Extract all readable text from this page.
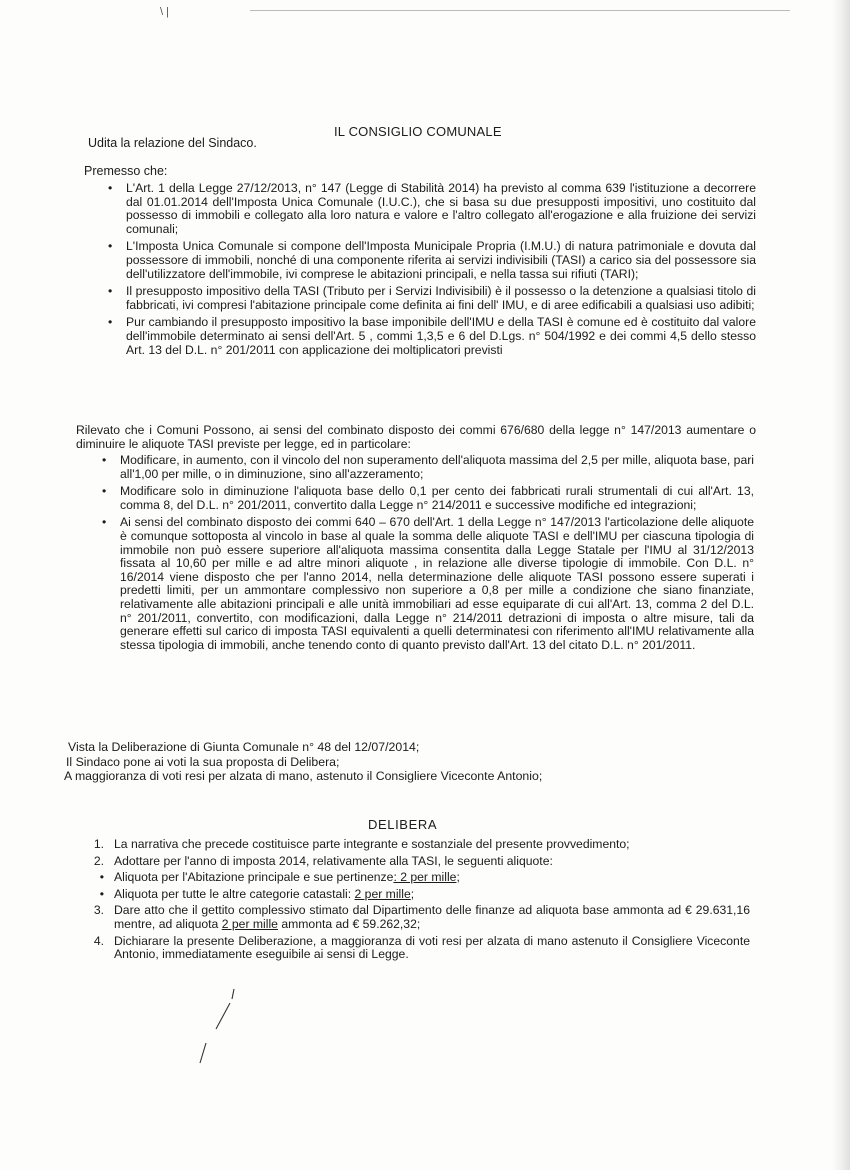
\ |
IL CONSIGLIO COMUNALE
Udita la relazione del Sindaco.
Premesso che:
• L'Art. 1 della Legge 27/12/2013, n° 147 (Legge di Stabilità 2014) ha previsto al comma 639 l'istituzione a decorrere dal 01.01.2014 dell'Imposta Unica Comunale (I.U.C.), che si basa su due presupposti impositivi, uno costituito dal possesso di immobili e collegato alla loro natura e valore e l'altro collegato all'erogazione e alla fruizione dei servizi comunali;
• L'Imposta Unica Comunale si compone dell'Imposta Municipale Propria (I.M.U.) di natura patrimoniale e dovuta dal possessore di immobili, nonché di una componente riferita ai servizi indivisibili (TASI) a carico sia del possessore sia dell'utilizzatore dell'immobile, ivi comprese le abitazioni principali, e nella tassa sui rifiuti (TARI);
• Il presupposto impositivo della TASI (Tributo per i Servizi Indivisibili) è il possesso o la detenzione a qualsiasi titolo di fabbricati, ivi compresi l'abitazione principale come definita ai fini dell' IMU, e di aree edificabili a qualsiasi uso adibiti;
• Pur cambiando il presupposto impositivo la base imponibile dell'IMU e della TASI è comune ed è costituito dal valore dell'immobile determinato ai sensi dell'Art. 5 , commi 1,3,5 e 6 del D.Lgs. n° 504/1992 e dei commi 4,5 dello stesso Art. 13 del D.L. n° 201/2011 con applicazione dei moltiplicatori previsti
Rilevato che i Comuni Possono, ai sensi del combinato disposto dei commi 676/680 della legge n° 147/2013 aumentare o diminuire le aliquote TASI previste per legge, ed in particolare:
• Modificare, in aumento, con il vincolo del non superamento dell'aliquota massima del 2,5 per mille, aliquota base, pari all'1,00 per mille, o in diminuzione, sino all'azzeramento;
• Modificare solo in diminuzione l'aliquota base dello 0,1 per cento dei fabbricati rurali strumentali di cui all'Art. 13, comma 8, del D.L. n° 201/2011, convertito dalla Legge n° 214/2011 e successive modifiche ed integrazioni;
• Ai sensi del combinato disposto dei commi 640 – 670 dell'Art. 1 della Legge n° 147/2013 l'articolazione delle aliquote è comunque sottoposta al vincolo in base al quale la somma delle aliquote TASI e dell'IMU per ciascuna tipologia di immobile non può essere superiore all'aliquota massima consentita dalla Legge Statale per l'IMU al 31/12/2013 fissata al 10,60 per mille e ad altre minori aliquote , in relazione alle diverse tipologie di immobile. Con D.L. n° 16/2014 viene disposto che per l'anno 2014, nella determinazione delle aliquote TASI possono essere superati i predetti limiti, per un ammontare complessivo non superiore a 0,8 per mille a condizione che siano finanziate, relativamente alle abitazioni principali e alle unità immobiliari ad esse equiparate di cui all'Art. 13, comma 2 del D.L. n° 201/2011, convertito, con modificazioni, dalla Legge n° 214/2011 detrazioni di imposta o altre misure, tali da generare effetti sul carico di imposta TASI equivalenti a quelli determinatesi con riferimento all'IMU relativamente alla stessa tipologia di immobili, anche tenendo conto di quanto previsto dall'Art. 13 del citato D.L. n° 201/2011.
Vista la Deliberazione di Giunta Comunale n° 48 del 12/07/2014;
Il Sindaco pone ai voti la sua proposta di Delibera;
A maggioranza di voti resi per alzata di mano, astenuto il Consigliere Viceconte Antonio;
DELIBERA
1. La narrativa che precede costituisce parte integrante e sostanziale del presente provvedimento;
2. Adottare per l'anno di imposta 2014, relativamente alla TASI, le seguenti aliquote:
• Aliquota per l'Abitazione principale e sue pertinenze: 2 per mille;
• Aliquota per tutte le altre categorie catastali: 2 per mille;
3. Dare atto che il gettito complessivo stimato dal Dipartimento delle finanze ad aliquota base ammonta ad € 29.631,16 mentre, ad aliquota 2 per mille ammonta ad € 59.262,32;
4. Dichiarare la presente Deliberazione, a maggioranza di voti resi per alzata di mano astenuto il Consigliere Viceconte Antonio, immediatamente eseguibile ai sensi di Legge.
